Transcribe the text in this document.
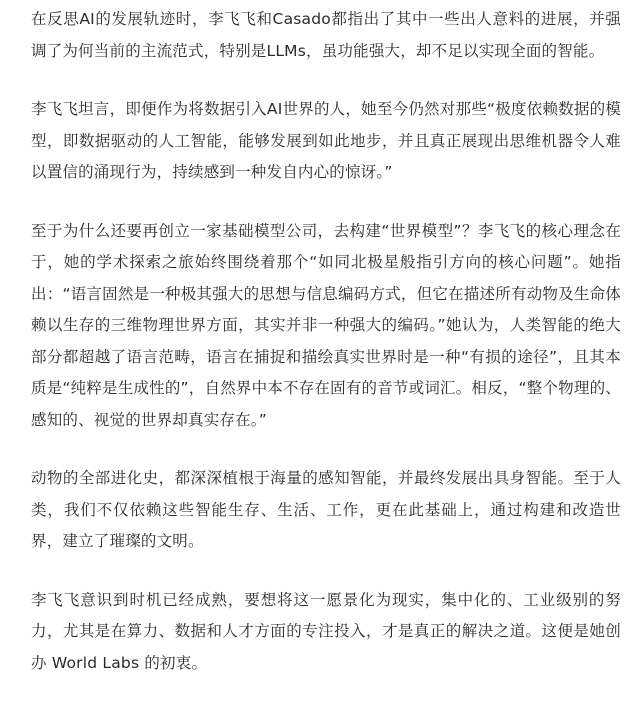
在反思AI的发展轨迹时，李飞飞和Casado都指出了其中一些出人意料的进展，并强调了为何当前的主流范式，特别是LLMs，虽功能强大，却不足以实现全面的智能。

李飞飞坦言，即便作为将数据引入AI世界的人，她至今仍然对那些“极度依赖数据的模型，即数据驱动的人工智能，能够发展到如此地步，并且真正展现出思维机器令人难以置信的涌现行为，持续感到一种发自内心的惊讶。”

至于为什么还要再创立一家基础模型公司，去构建“世界模型”？李飞飞的核心理念在于，她的学术探索之旅始终围绕着那个“如同北极星般指引方向的核心问题”。她指出：“语言固然是一种极其强大的思想与信息编码方式，但它在描述所有动物及生命体赖以生存的三维物理世界方面，其实并非一种强大的编码。”她认为，人类智能的绝大部分都超越了语言范畴，语言在捕捉和描绘真实世界时是一种“有损的途径”，且其本质是“纯粹是生成性的”，自然界中本不存在固有的音节或词汇。相反，“整个物理的、感知的、视觉的世界却真实存在。”

动物的全部进化史，都深深植根于海量的感知智能，并最终发展出具身智能。至于人类，我们不仅依赖这些智能生存、生活、工作，更在此基础上，通过构建和改造世界，建立了璀璨的文明。

李飞飞意识到时机已经成熟，要想将这一愿景化为现实，集中化的、工业级别的努力，尤其是在算力、数据和人才方面的专注投入，才是真正的解决之道。这便是她创办 World Labs 的初衷。
